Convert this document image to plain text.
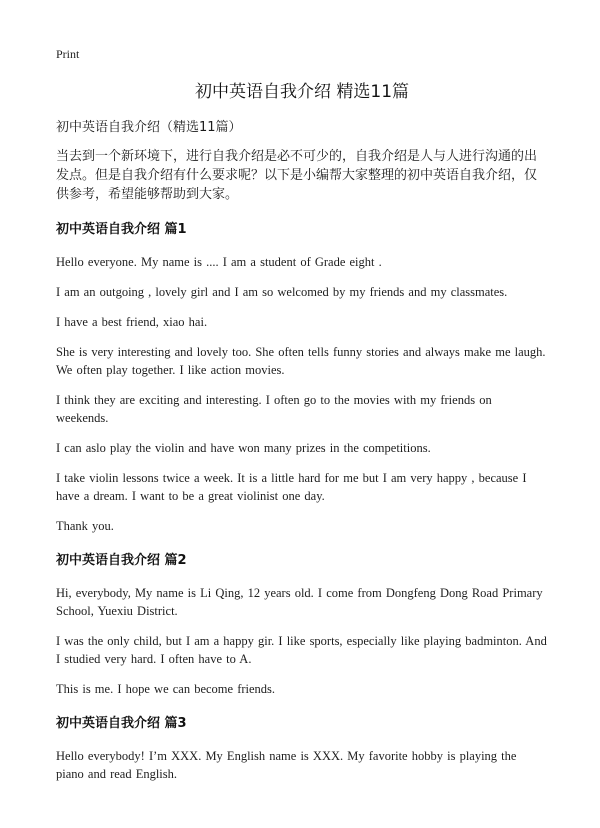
Print
初中英语自我介绍 精选11篇
初中英语自我介绍（精选11篇）
当去到一个新环境下，进行自我介绍是必不可少的，自我介绍是人与人进行沟通的出发点。但是自我介绍有什么要求呢？以下是小编帮大家整理的初中英语自我介绍，仅供参考，希望能够帮助到大家。
初中英语自我介绍 篇1

Hello everyone. My name is .... I am a student of Grade eight .

I am an outgoing , lovely girl and I am so welcomed by my friends and my classmates.

I have a best friend, xiao hai.

She is very interesting and lovely too. She often tells funny stories and always make me laugh. We often play together. I like action movies.

I think they are exciting and interesting. I often go to the movies with my friends on weekends.

I can aslo play the violin and have won many prizes in the competitions.

I take violin lessons twice a week. It is a little hard for me but I am very happy , because I have a dream. I want to be a great violinist one day.

Thank you.

初中英语自我介绍 篇2

Hi, everybody, My name is Li Qing, 12 years old. I come from Dongfeng Dong Road Primary School, Yuexiu District.

I was the only child, but I am a happy gir. I like sports, especially like playing badminton. And I studied very hard. I often have to A.

This is me. I hope we can become friends.

初中英语自我介绍 篇3

Hello everybody! I’m XXX. My English name is XXX. My favorite hobby is playing the piano and read English.
